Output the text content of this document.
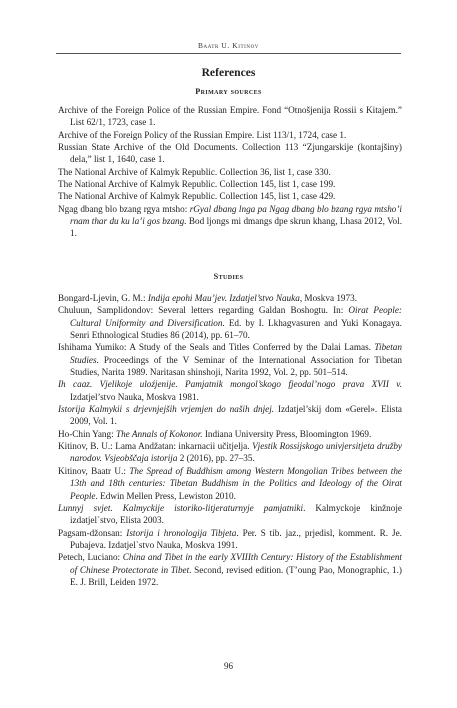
Baatr U. Kitinov
References
Primary sources
Archive of the Foreign Police of the Russian Empire. Fond “Otnošjenija Rossii s Kitajem.” List 62/1, 1723, case 1.
Archive of the Foreign Policy of the Russian Empire. List 113/1, 1724, case 1.
Russian State Archive of the Old Documents. Collection 113 “Zjungarskije (kontajšiny) dela,” list 1, 1640, case 1.
The National Archive of Kalmyk Republic. Collection 36, list 1, case 330.
The National Archive of Kalmyk Republic. Collection 145, list 1, case 199.
The National Archive of Kalmyk Republic. Collection 145, list 1, case 429.
Ngag dbang blo bzang rgya mtsho: rGyal dbang lnga pa Ngag dbang blo bzang rgya mtsho’i rnam thar du ku la’i gos bzang. Bod ljongs mi dmangs dpe skrun khang, Lhasa 2012, Vol. 1.
Studies
Bongard-Ljevin, G. M.: Indija epohi Mau’jev. Izdatjel’stvo Nauka, Moskva 1973.
Chuluun, Samplidondov: Several letters regarding Galdan Boshogtu. In: Oirat People: Cultural Uniformity and Diversification. Ed. by I. Lkhagvasuren and Yuki Konagaya. Senri Ethnological Studies 86 (2014), pp. 61–70.
Ishihama Yumiko: A Study of the Seals and Titles Conferred by the Dalai Lamas. Tibetan Studies. Proceedings of the V Seminar of the International Association for Tibetan Studies, Narita 1989. Naritasan shinshoji, Narita 1992, Vol. 2, pp. 501–514.
Ih caaz. Vjelikoje uloźjenije. Pamjatnik mongol’skogo fjeodal’nogo prava XVII v. Izdatjel’stvo Nauka, Moskva 1981.
Istorija Kalmykii s drjevnjejših vrjemjen do naših dnjej. Izdatjel’skij dom «Gerel». Elista 2009, Vol. 1.
Ho-Chin Yang: The Annals of Kokonor. Indiana University Press, Bloomington 1969.
Kitinov, B. U.: Lama Andžatan: inkarnacii učitjelja. Vjestik Rossijskogo univjersitjeta družby narodov. Vsjeobščaja istorija 2 (2016), pp. 27–35.
Kitinov, Baatr U.: The Spread of Buddhism among Western Mongolian Tribes between the 13th and 18th centuries: Tibetan Buddhism in the Politics and Ideology of the Oirat People. Edwin Mellen Press, Lewiston 2010.
Lunnyj svjet. Kalmyckije istoriko-litjeraturnyje pamjatniki. Kalmyckoje kinžnoje izdatjel`stvo, Elista 2003.
Pagsam-džonsan: Istorija i hronologija Tibjeta. Per. S tib. jaz., prjedisl, komment. R. Je. Pubajeva. Izdatjel`stvo Nauka, Moskva 1991.
Petech, Luciano: China and Tibet in the early XVIIIth Century: History of the Establishment of Chinese Protectorate in Tibet. Second, revised edition. (T’oung Pao, Monographic, 1.) E. J. Brill, Leiden 1972.
96
